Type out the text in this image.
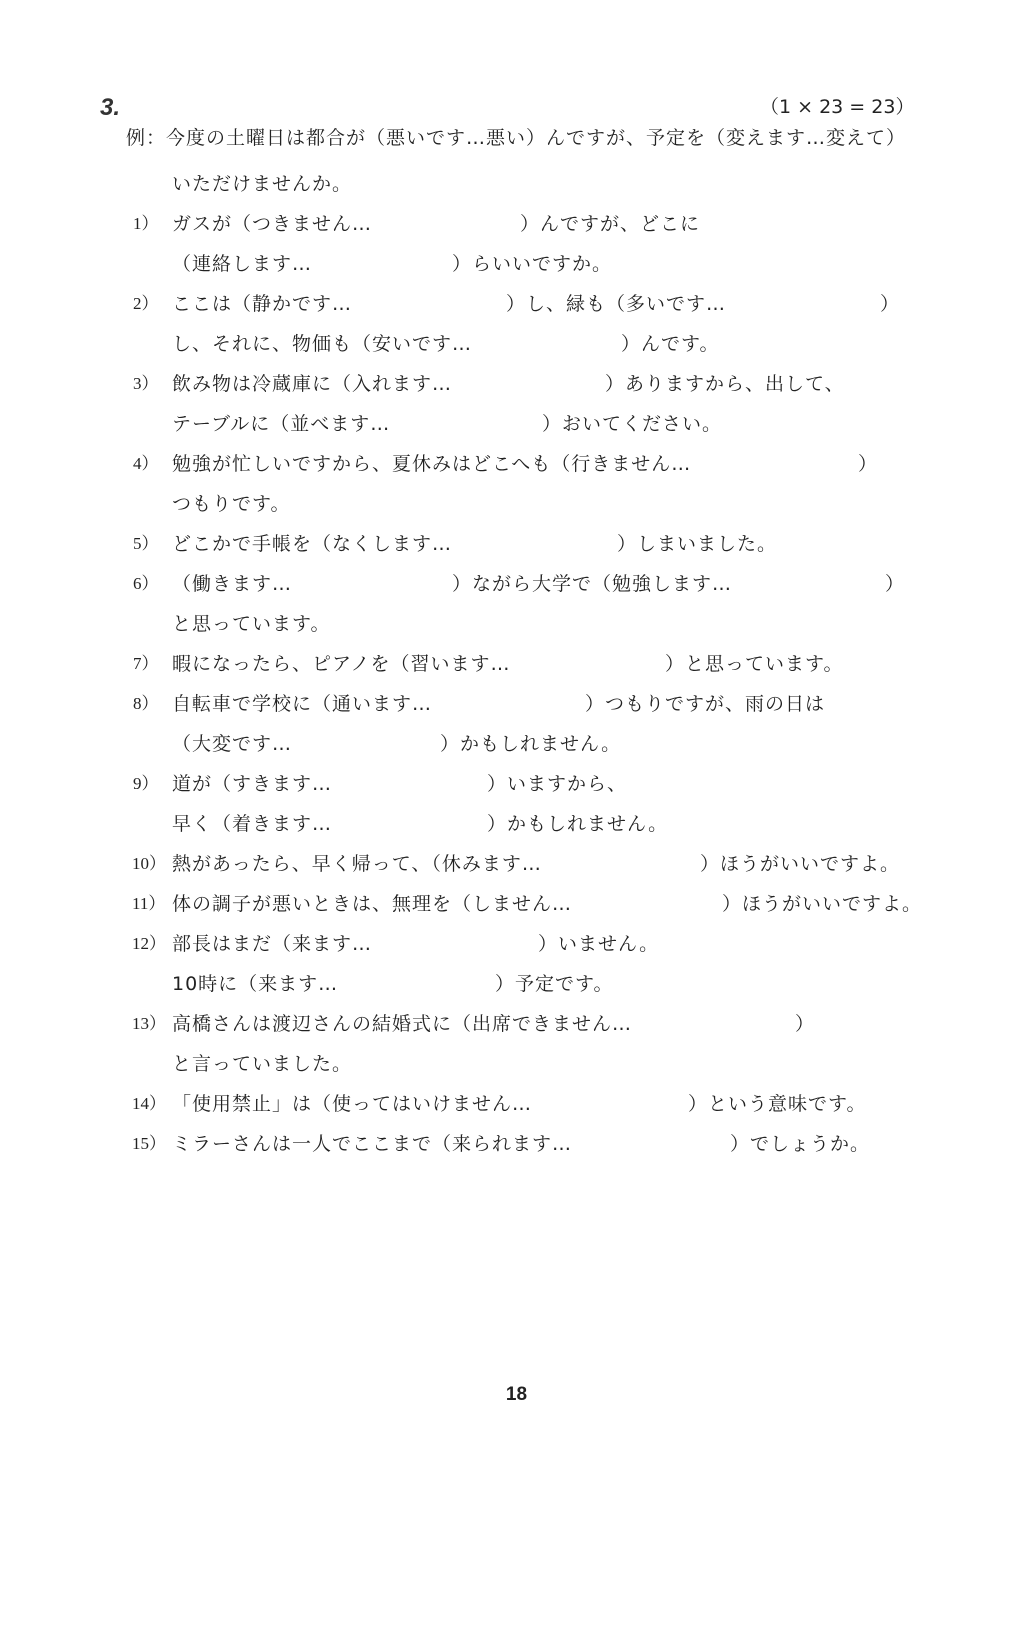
3.	（1 × 23 = 23）
例：今度の土曜日は都合が（悪いです…悪い）んですが、予定を（変えます…変えて）
いただけませんか。
1） ガスが（つきません…	）んですが、どこに
（連絡します…	）らいいですか。
2） ここは（静かです…	）し、緑も（多いです…	）
し、それに、物価も（安いです…	）んです。
3） 飲み物は冷蔵庫に（入れます…	）ありますから、出して、
テーブルに（並べます…	）おいてください。
4） 勉強が忙しいですから、夏休みはどこへも（行きません…	）
つもりです。
5） どこかで手帳を（なくします…	）しまいました。
6） （働きます…	）ながら大学で（勉強します…	）
と思っています。
7） 暇になったら、ピアノを（習います…	）と思っています。
8） 自転車で学校に（通います…	）つもりですが、雨の日は
（大変です…	）かもしれません。
9） 道が（すきます…	）いますから、
早く（着きます…	）かもしれません。
10） 熱があったら、早く帰って、（休みます…	）ほうがいいですよ。
11） 体の調子が悪いときは、無理を（しません…	）ほうがいいですよ。
12） 部長はまだ（来ます…	）いません。
10時に（来ます…	）予定です。
13） 高橋さんは渡辺さんの結婚式に（出席できません…	）
と言っていました。
14） 「使用禁止」は（使ってはいけません…	）という意味です。
15） ミラーさんは一人でここまで（来られます…	）でしょうか。
18
